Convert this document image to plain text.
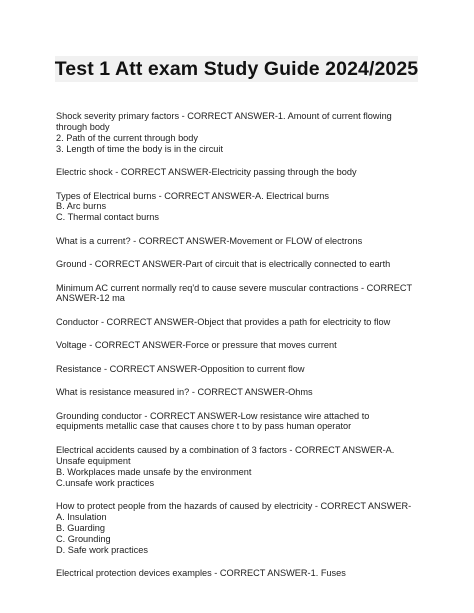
Test 1 Att exam Study Guide 2024/2025
Shock severity primary factors - CORRECT ANSWER-1. Amount of current flowing
through body
2. Path of the current through body
3. Length of time the body is in the circuit
Electric shock - CORRECT ANSWER-Electricity passing through the body
Types of Electrical burns - CORRECT ANSWER-A. Electrical burns
B. Arc burns
C. Thermal contact burns
What is a current? - CORRECT ANSWER-Movement or FLOW of electrons
Ground - CORRECT ANSWER-Part of circuit that is electrically connected to earth
Minimum AC current normally req'd to cause severe muscular contractions - CORRECT
ANSWER-12 ma
Conductor - CORRECT ANSWER-Object that provides a path for electricity to flow
Voltage - CORRECT ANSWER-Force or pressure that moves current
Resistance - CORRECT ANSWER-Opposition to current flow
What is resistance measured in? - CORRECT ANSWER-Ohms
Grounding conductor - CORRECT ANSWER-Low resistance wire attached to
equipments metallic case that causes chore t to by pass human operator
Electrical accidents caused by a combination of 3 factors - CORRECT ANSWER-A.
Unsafe equipment
B. Workplaces made unsafe by the environment
C.unsafe work practices
How to protect people from the hazards of caused by electricity - CORRECT ANSWER-
A. Insulation
B. Guarding
C. Grounding
D. Safe work practices
Electrical protection devices examples - CORRECT ANSWER-1. Fuses
